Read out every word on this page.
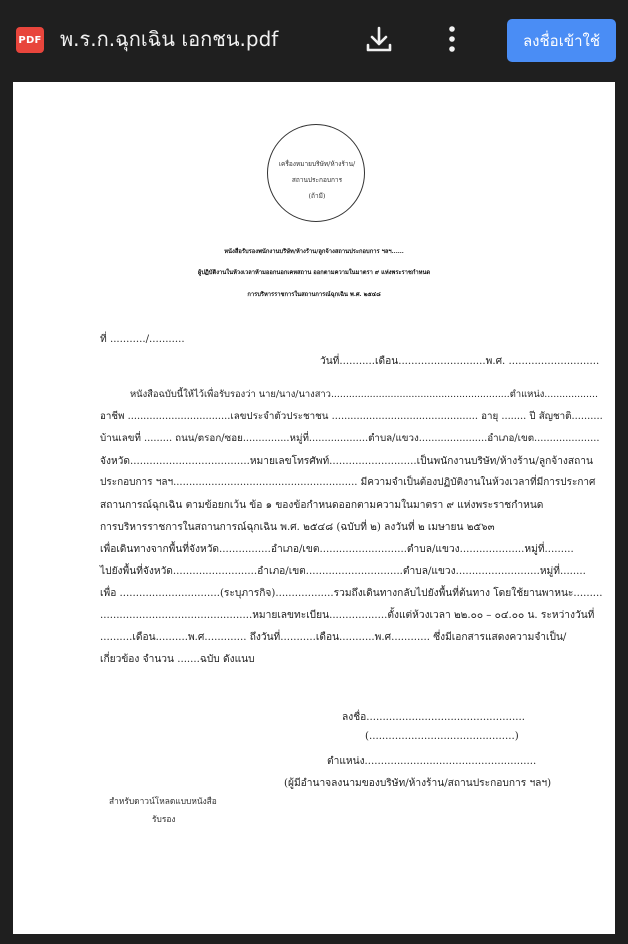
PDF พ.ร.ก.ฉุกเฉิน เอกชน.pdf	ลงชื่อเข้าใช้
เครื่องหมายบริษัท/ห้างร้าน/
สถานประกอบการ
(ถ้ามี)
หนังสือรับรองพนักงานบริษัท/ห้างร้าน/ลูกจ้างสถานประกอบการ ฯลฯ......
ผู้ปฏิบัติงานในห้วงเวลาห้ามออกนอกเคหสถาน ออกตามความในมาตรา ๙ แห่งพระราชกำหนด
การบริหารราชการในสถานการณ์ฉุกเฉิน พ.ศ. ๒๕๔๘
ที่ .........../...........
วันที่...........เดือน...........................พ.ศ. ............................
หนังสือฉบับนี้ให้ไว้เพื่อรับรองว่า นาย/นาง/นางสาว............................................................ตำแหน่ง..................
อาชีพ .................................เลขประจำตัวประชาชน ............................................... อายุ ........ ปี สัญชาติ..........
บ้านเลขที่ ......... ถนน/ตรอก/ซอย...............หมู่ที่...................ตำบล/แขวง......................อำเภอ/เขต.....................
จังหวัด.....................................หมายเลขโทรศัพท์...........................เป็นพนักงานบริษัท/ห้างร้าน/ลูกจ้างสถาน
ประกอบการ ฯลฯ.......................................................... มีความจำเป็นต้องปฏิบัติงานในห้วงเวลาที่มีการประกาศ
สถานการณ์ฉุกเฉิน ตามข้อยกเว้น ข้อ ๑ ของข้อกำหนดออกตามความในมาตรา ๙ แห่งพระราชกำหนด
การบริหารราชการในสถานการณ์ฉุกเฉิน พ.ศ. ๒๕๔๘ (ฉบับที่ ๒) ลงวันที่ ๒ เมษายน ๒๕๖๓
เพื่อเดินทางจากพื้นที่จังหวัด................อำเภอ/เขต...........................ตำบล/แขวง....................หมู่ที่.........
ไปยังพื้นที่จังหวัด..........................อำเภอ/เขต..............................ตำบล/แขวง..........................หมู่ที่........
เพื่อ ...............................(ระบุภารกิจ)..................รวมถึงเดินทางกลับไปยังพื้นที่ต้นทาง โดยใช้ยานพาหนะ.........
...............................................หมายเลขทะเบียน..................ตั้งแต่ห้วงเวลา ๒๒.๐๐ – ๐๔.๐๐ น. ระหว่างวันที่
..........เดือน..........พ.ศ............. ถึงวันที่...........เดือน...........พ.ศ............ ซึ่งมีเอกสารแสดงความจำเป็น/
เกี่ยวข้อง จำนวน .......ฉบับ ดังแนบ
ลงชื่อ.................................................
(.............................................)
ตำแหน่ง.....................................................
(ผู้มีอำนาจลงนามของบริษัท/ห้างร้าน/สถานประกอบการ ฯลฯ)
สำหรับดาวน์โหลดแบบหนังสือ
รับรอง
